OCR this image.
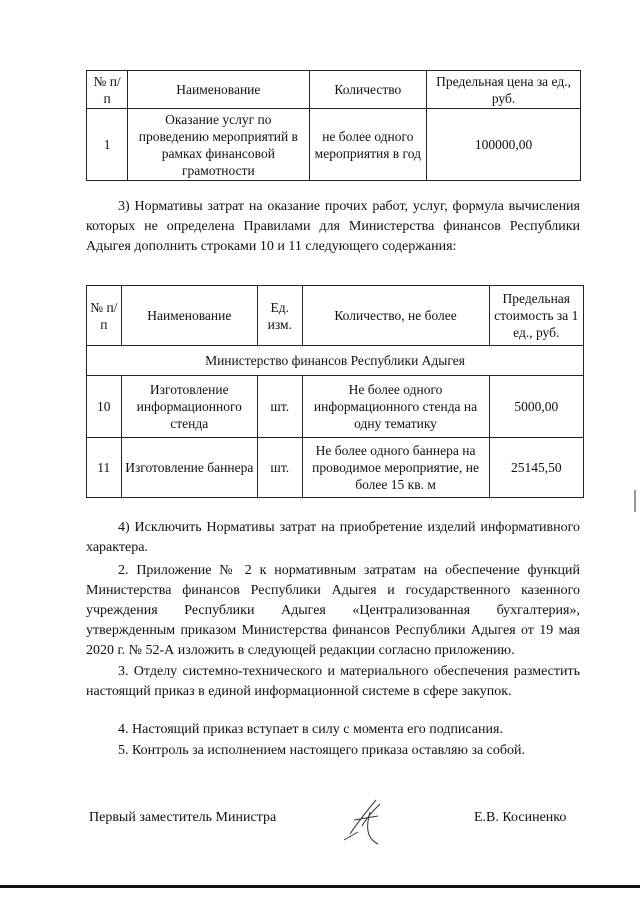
№ п/п	Наименование	Количество	Предельная цена за ед., руб.
1	Оказание услуг по проведению мероприятий в рамках финансовой грамотности	не более одного мероприятия в год	100000,00
3) Нормативы затрат на оказание прочих работ, услуг, формула вычисления которых не определена Правилами для Министерства финансов Республики Адыгея дополнить строками 10 и 11 следующего содержания:
№ п/п	Наименование	Ед. изм.	Количество, не более	Предельная стоимость за 1 ед., руб.
Министерство финансов Республики Адыгея				
10	Изготовление информационного стенда	шт.	Не более одного информационного стенда на одну тематику	5000,00
11	Изготовление баннера	шт.	Не более одного баннера на проводимое мероприятие, не более 15 кв. м	25145,50
4) Исключить Нормативы затрат на приобретение изделий информативного характера.
2. Приложение № 2 к нормативным затратам на обеспечение функций Министерства финансов Республики Адыгея и государственного казенного учреждения Республики Адыгея «Централизованная бухгалтерия», утвержденным приказом Министерства финансов Республики Адыгея от 19 мая 2020 г. № 52-А изложить в следующей редакции согласно приложению.
3. Отделу системно-технического и материального обеспечения разместить настоящий приказ в единой информационной системе в сфере закупок.
4. Настоящий приказ вступает в силу с момента его подписания.
5. Контроль за исполнением настоящего приказа оставляю за собой.
Первый заместитель Министра	Е.В. Косиненко
